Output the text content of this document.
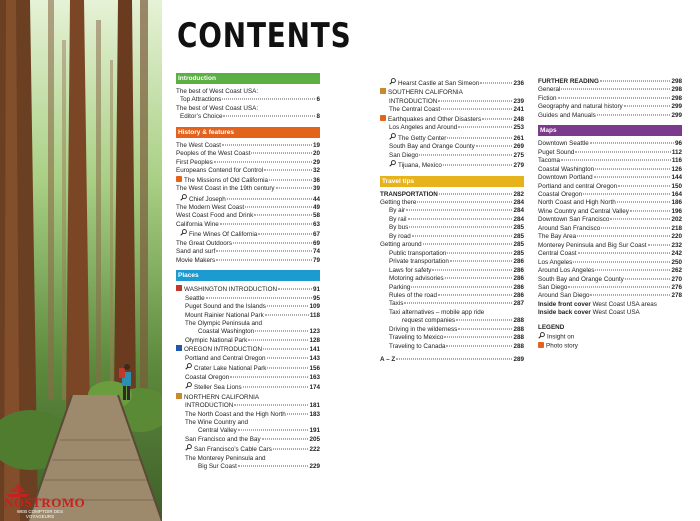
NOSTROMO
WEB COMPTOIR DES VOYAGEURS
CONTENTS
Introduction
The best of West Coast USA:
Top Attractions	6
The best of West Coast USA:
Editor’s Choice	8
History & features
The West Coast	19
Peoples of the West Coast	20
First Peoples	29
Europeans Contend for Control	32
The Missions of Old California	36
The West Coast in the 19th century	39
Chief Joseph	44
The Modern West Coast	49
West Coast Food and Drink	58
California Wine	63
Fine Wines Of California	67
The Great Outdoors	69
Sand and surf	74
Movie Makers	79
Places
WASHINGTON INTRODUCTION	91
Seattle	95
Puget Sound and the Islands	109
Mount Rainier National Park	118
The Olympic Peninsula and
Coastal Washington	123
Olympic National Park	128
OREGON INTRODUCTION	141
Portland and Central Oregon	143
Crater Lake National Park	156
Coastal Oregon	163
Steller Sea Lions	174
NORTHERN CALIFORNIA
INTRODUCTION	181
The North Coast and the High North	183
The Wine Country and
Central Valley	191
San Francisco and the Bay	205
San Francisco’s Cable Cars	222
The Monterey Peninsula and
Big Sur Coast	229
Hearst Castle at San Simeon	236
SOUTHERN CALIFORNIA
INTRODUCTION	239
The Central Coast	241
Earthquakes and Other Disasters	248
Los Angeles and Around	253
The Getty Center	261
South Bay and Orange County	269
San Diego	275
Tijuana, Mexico	279
Travel tips
TRANSPORTATION	282
Getting there	284
By air	284
By rail	284
By bus	285
By road	285
Getting around	285
Public transportation	285
Private transportation	286
Laws for safety	286
Motoring advisories	286
Parking	286
Rules of the road	286
Taxis	287
Taxi alternatives – mobile app ride
request companies	288
Driving in the wilderness	288
Traveling to Mexico	288
Traveling to Canada	288
A – Z	289
FURTHER READING	298
General	298
Fiction	298
Geography and natural history	299
Guides and Manuals	299
Maps
Downtown Seattle	96
Puget Sound	112
Tacoma	116
Coastal Washington	126
Downtown Portland	144
Portland and central Oregon	150
Coastal Oregon	164
North Coast and High North	186
Wine Country and Central Valley	196
Downtown San Francisco	202
Around San Francisco	218
The Bay Area	220
Monterey Peninsula and Big Sur Coast	232
Central Coast	242
Los Angeles	250
Around Los Angeles	262
South Bay and Orange County	270
San Diego	276
Around San Diego	278
Inside front cover West Coast USA areas
Inside back cover West Coast USA
LEGEND
Insight on
Photo story
